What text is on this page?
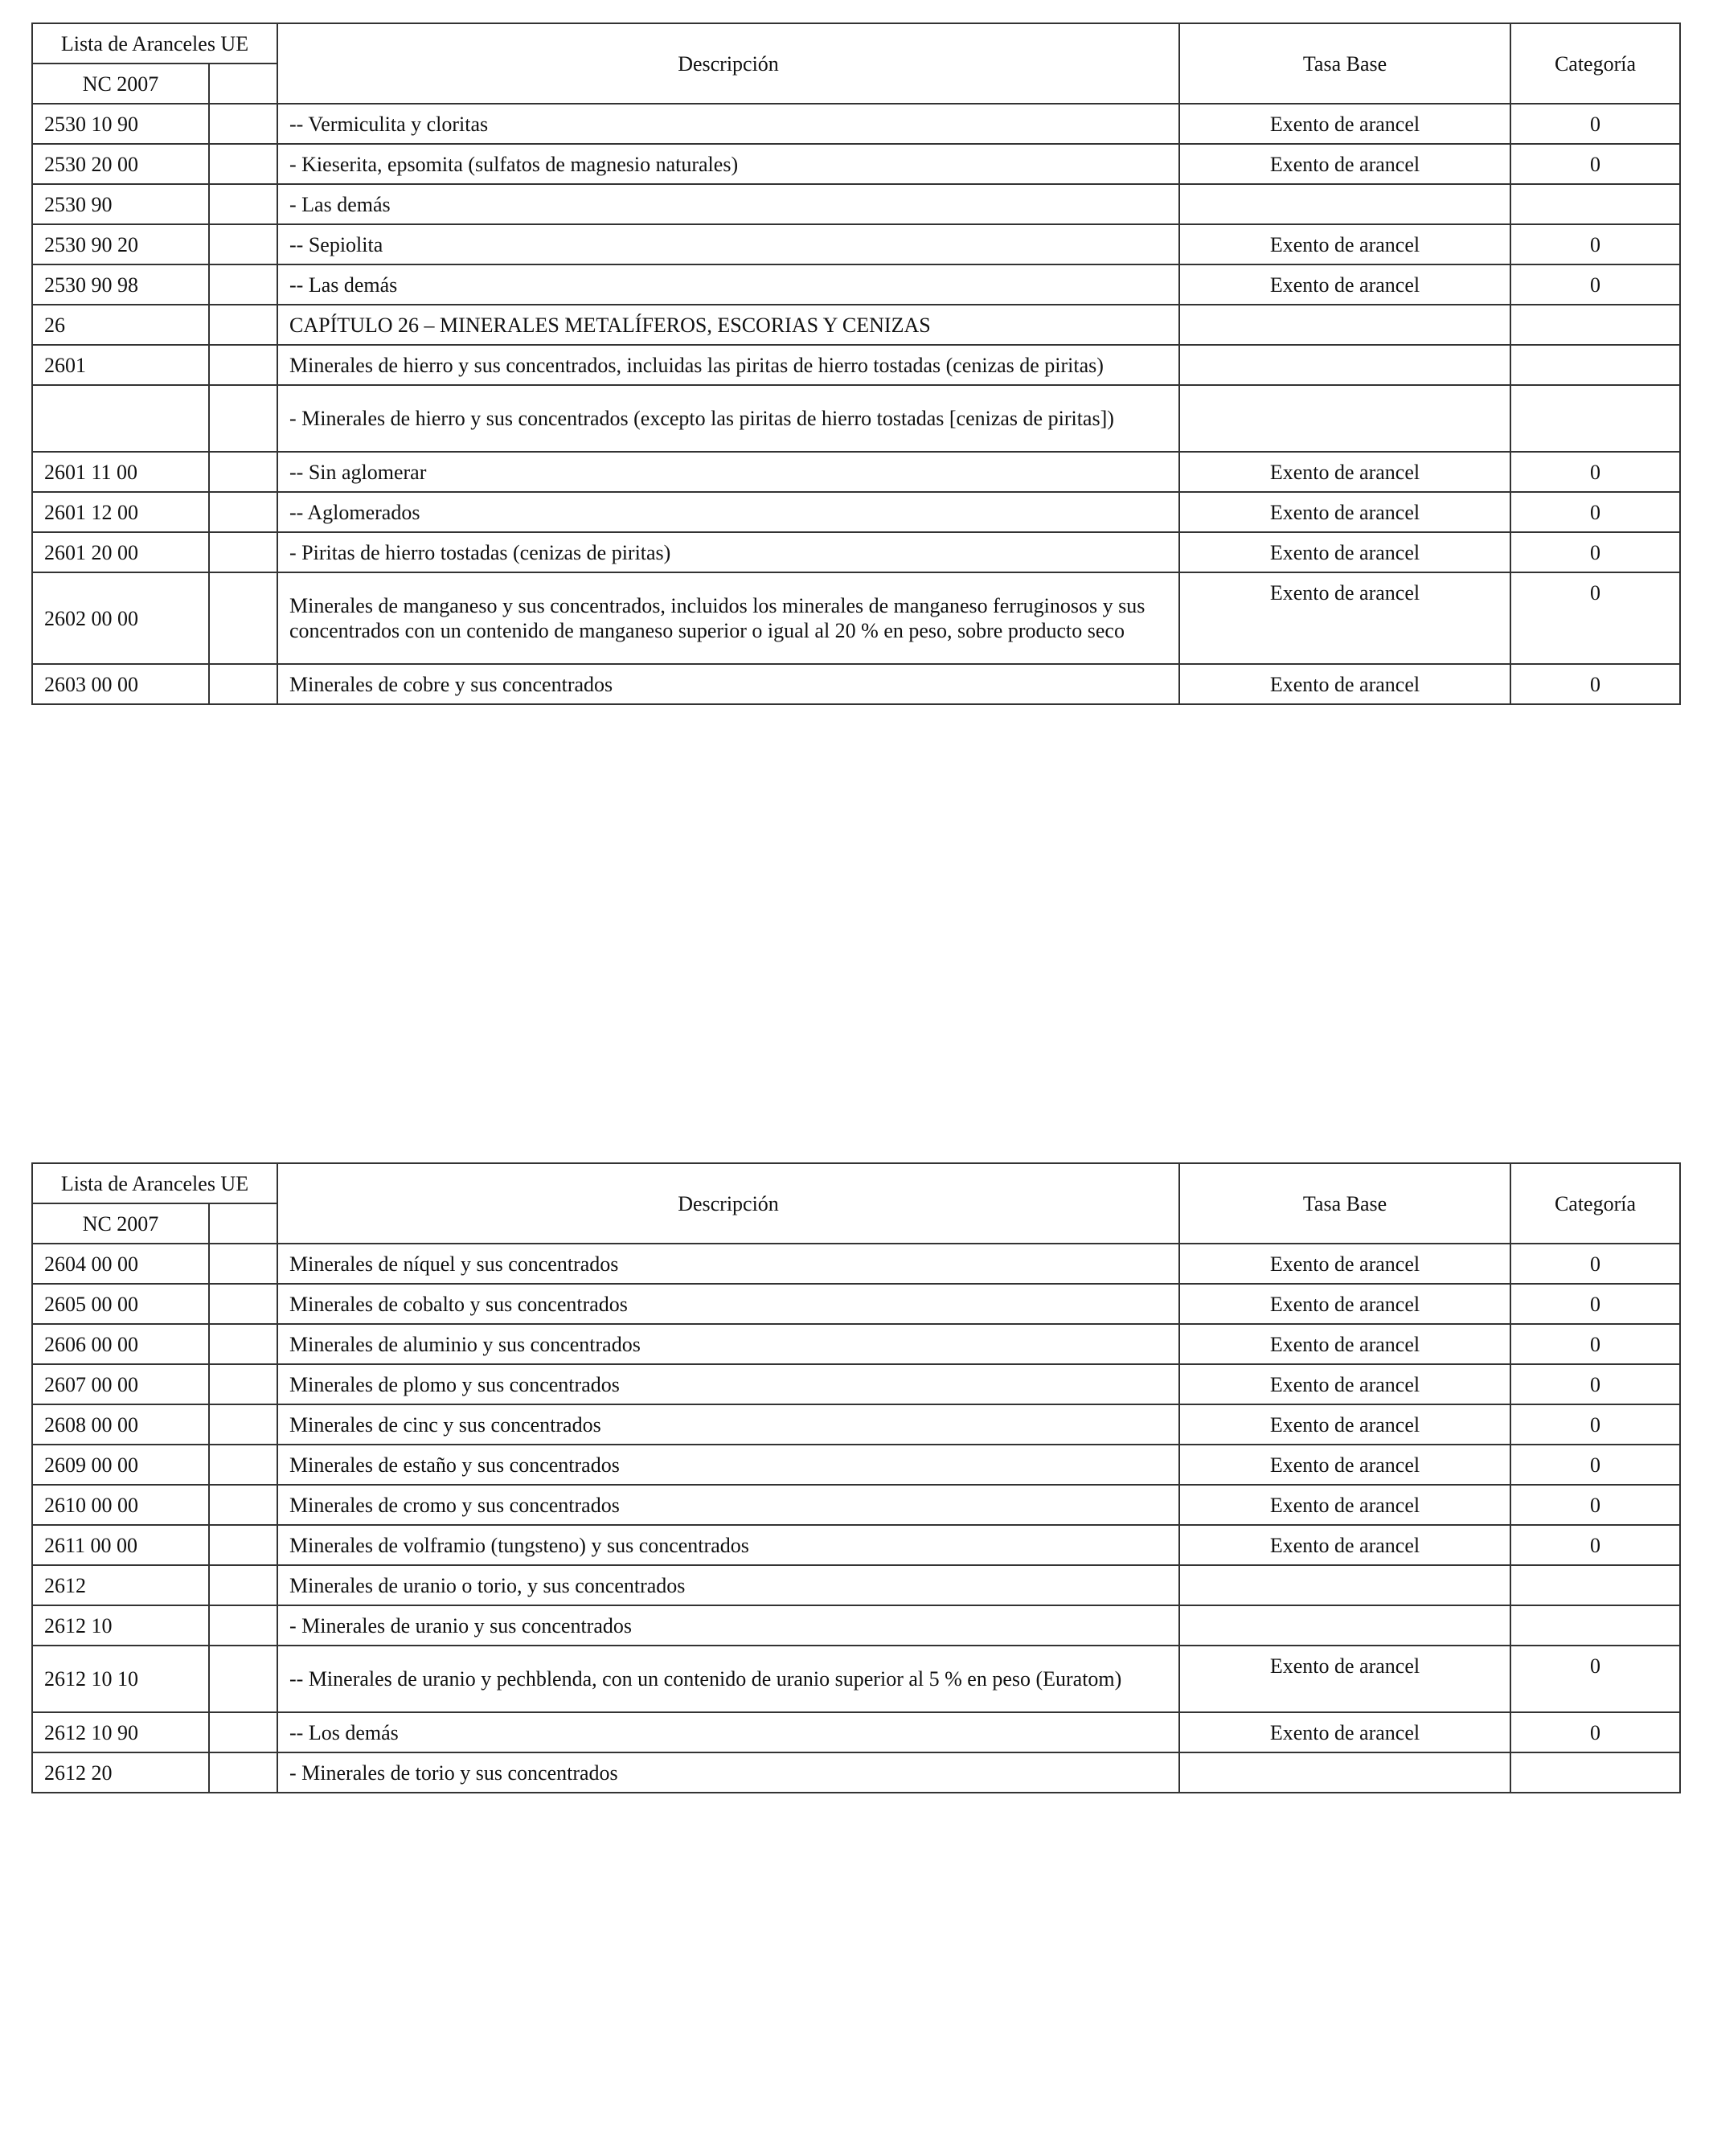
Lista de Aranceles UE		Descripción	Tasa Base	Categoría
NC 2007				
2530 10 90		-- Vermiculita y cloritas	Exento de arancel	0
2530 20 00		- Kieserita, epsomita (sulfatos de magnesio naturales)	Exento de arancel	0
2530 90		- Las demás		
2530 90 20		-- Sepiolita	Exento de arancel	0
2530 90 98		-- Las demás	Exento de arancel	0
26		CAPÍTULO 26 – MINERALES METALÍFEROS, ESCORIAS Y CENIZAS		
2601		Minerales de hierro y sus concentrados, incluidas las piritas de hierro tostadas (cenizas de piritas)		
		- Minerales de hierro y sus concentrados (excepto las piritas de hierro tostadas [cenizas de piritas])		
2601 11 00		-- Sin aglomerar	Exento de arancel	0
2601 12 00		-- Aglomerados	Exento de arancel	0
2601 20 00		- Piritas de hierro tostadas (cenizas de piritas)	Exento de arancel	0
2602 00 00		Minerales de manganeso y sus concentrados, incluidos los minerales de manganeso ferruginosos y sus concentrados con un contenido de manganeso superior o igual al 20 % en peso, sobre producto seco	Exento de arancel	0
2603 00 00		Minerales de cobre y sus concentrados	Exento de arancel	0
Lista de Aranceles UE		Descripción	Tasa Base	Categoría
NC 2007				
2604 00 00		Minerales de níquel y sus concentrados	Exento de arancel	0
2605 00 00		Minerales de cobalto y sus concentrados	Exento de arancel	0
2606 00 00		Minerales de aluminio y sus concentrados	Exento de arancel	0
2607 00 00		Minerales de plomo y sus concentrados	Exento de arancel	0
2608 00 00		Minerales de cinc y sus concentrados	Exento de arancel	0
2609 00 00		Minerales de estaño y sus concentrados	Exento de arancel	0
2610 00 00		Minerales de cromo y sus concentrados	Exento de arancel	0
2611 00 00		Minerales de volframio (tungsteno) y sus concentrados	Exento de arancel	0
2612		Minerales de uranio o torio, y sus concentrados		
2612 10		- Minerales de uranio y sus concentrados		
2612 10 10		-- Minerales de uranio y pechblenda, con un contenido de uranio superior al 5 % en peso (Euratom)	Exento de arancel	0
2612 10 90		-- Los demás	Exento de arancel	0
2612 20		- Minerales de torio y sus concentrados		
